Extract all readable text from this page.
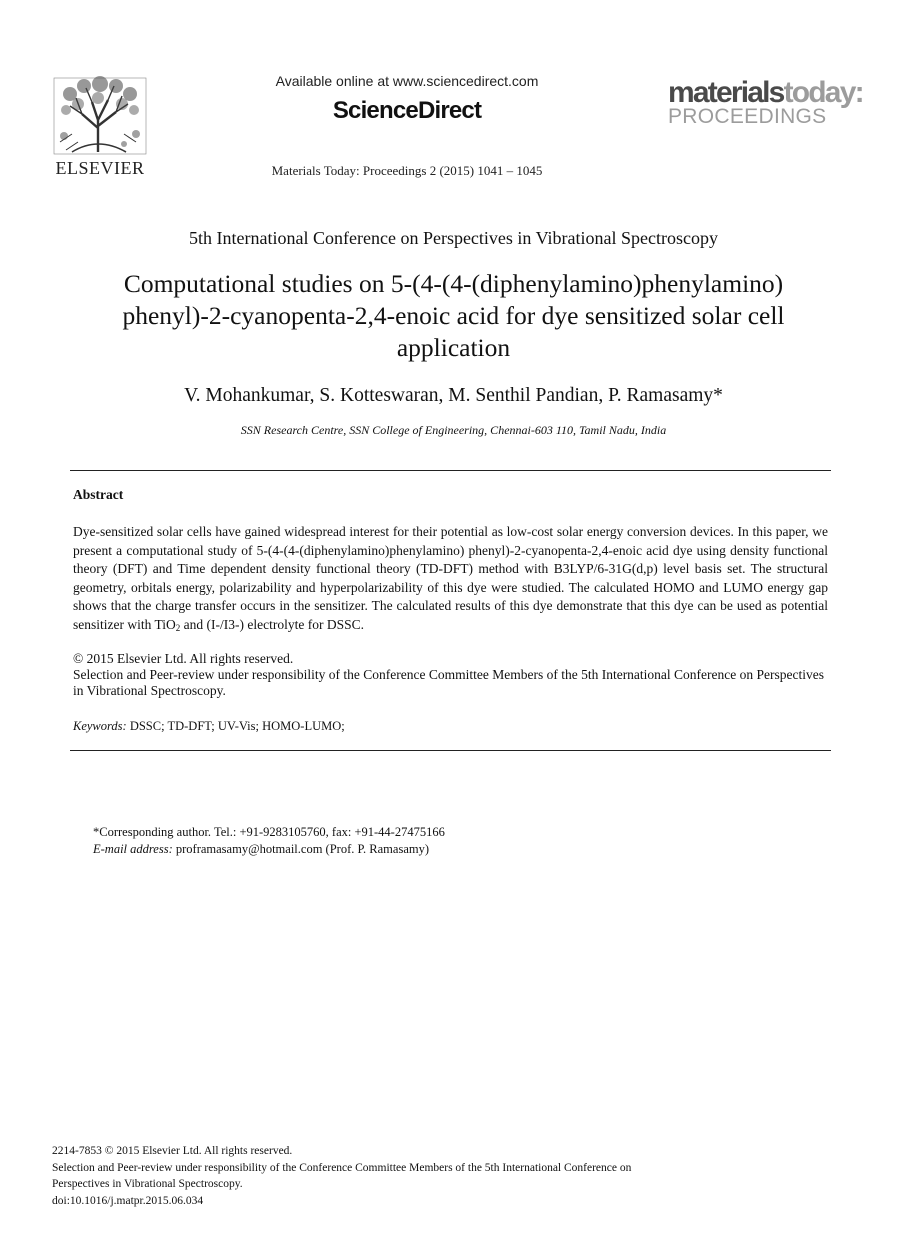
ELSEVIER
Available online at www.sciencedirect.com
ScienceDirect
Materials Today: Proceedings 2 (2015) 1041 – 1045
materialstoday:
PROCEEDINGS
5th International Conference on Perspectives in Vibrational Spectroscopy
Computational studies on 5-(4-(4-(diphenylamino)phenylamino)
phenyl)-2-cyanopenta-2,4-enoic acid for dye sensitized solar cell
application
V. Mohankumar, S. Kotteswaran, M. Senthil Pandian, P. Ramasamy*
SSN Research Centre, SSN College of Engineering, Chennai-603 110, Tamil Nadu, India
Abstract
Dye-sensitized solar cells have gained widespread interest for their potential as low-cost solar energy conversion devices. In this paper, we present a computational study of 5-(4-(4-(diphenylamino)phenylamino) phenyl)-2-cyanopenta-2,4-enoic acid dye using density functional theory (DFT) and Time dependent density functional theory (TD-DFT) method with B3LYP/6-31G(d,p) level basis set. The structural geometry, orbitals energy, polarizability and hyperpolarizability of this dye were studied. The calculated HOMO and LUMO energy gap shows that the charge transfer occurs in the sensitizer. The calculated results of this dye demonstrate that this dye can be used as potential sensitizer with TiO$_2$ and (I-/I3-) electrolyte for DSSC.
© 2015 Elsevier Ltd. All rights reserved.
Selection and Peer-review under responsibility of the Conference Committee Members of the 5th International Conference on Perspectives in Vibrational Spectroscopy.
Keywords: DSSC; TD-DFT; UV-Vis; HOMO-LUMO;
*Corresponding author. Tel.: +91-9283105760, fax: +91-44-27475166
E-mail address: proframasamy@hotmail.com (Prof. P. Ramasamy)
2214-7853 © 2015 Elsevier Ltd. All rights reserved.
Selection and Peer-review under responsibility of the Conference Committee Members of the 5th International Conference on
Perspectives in Vibrational Spectroscopy.
doi:10.1016/j.matpr.2015.06.034
